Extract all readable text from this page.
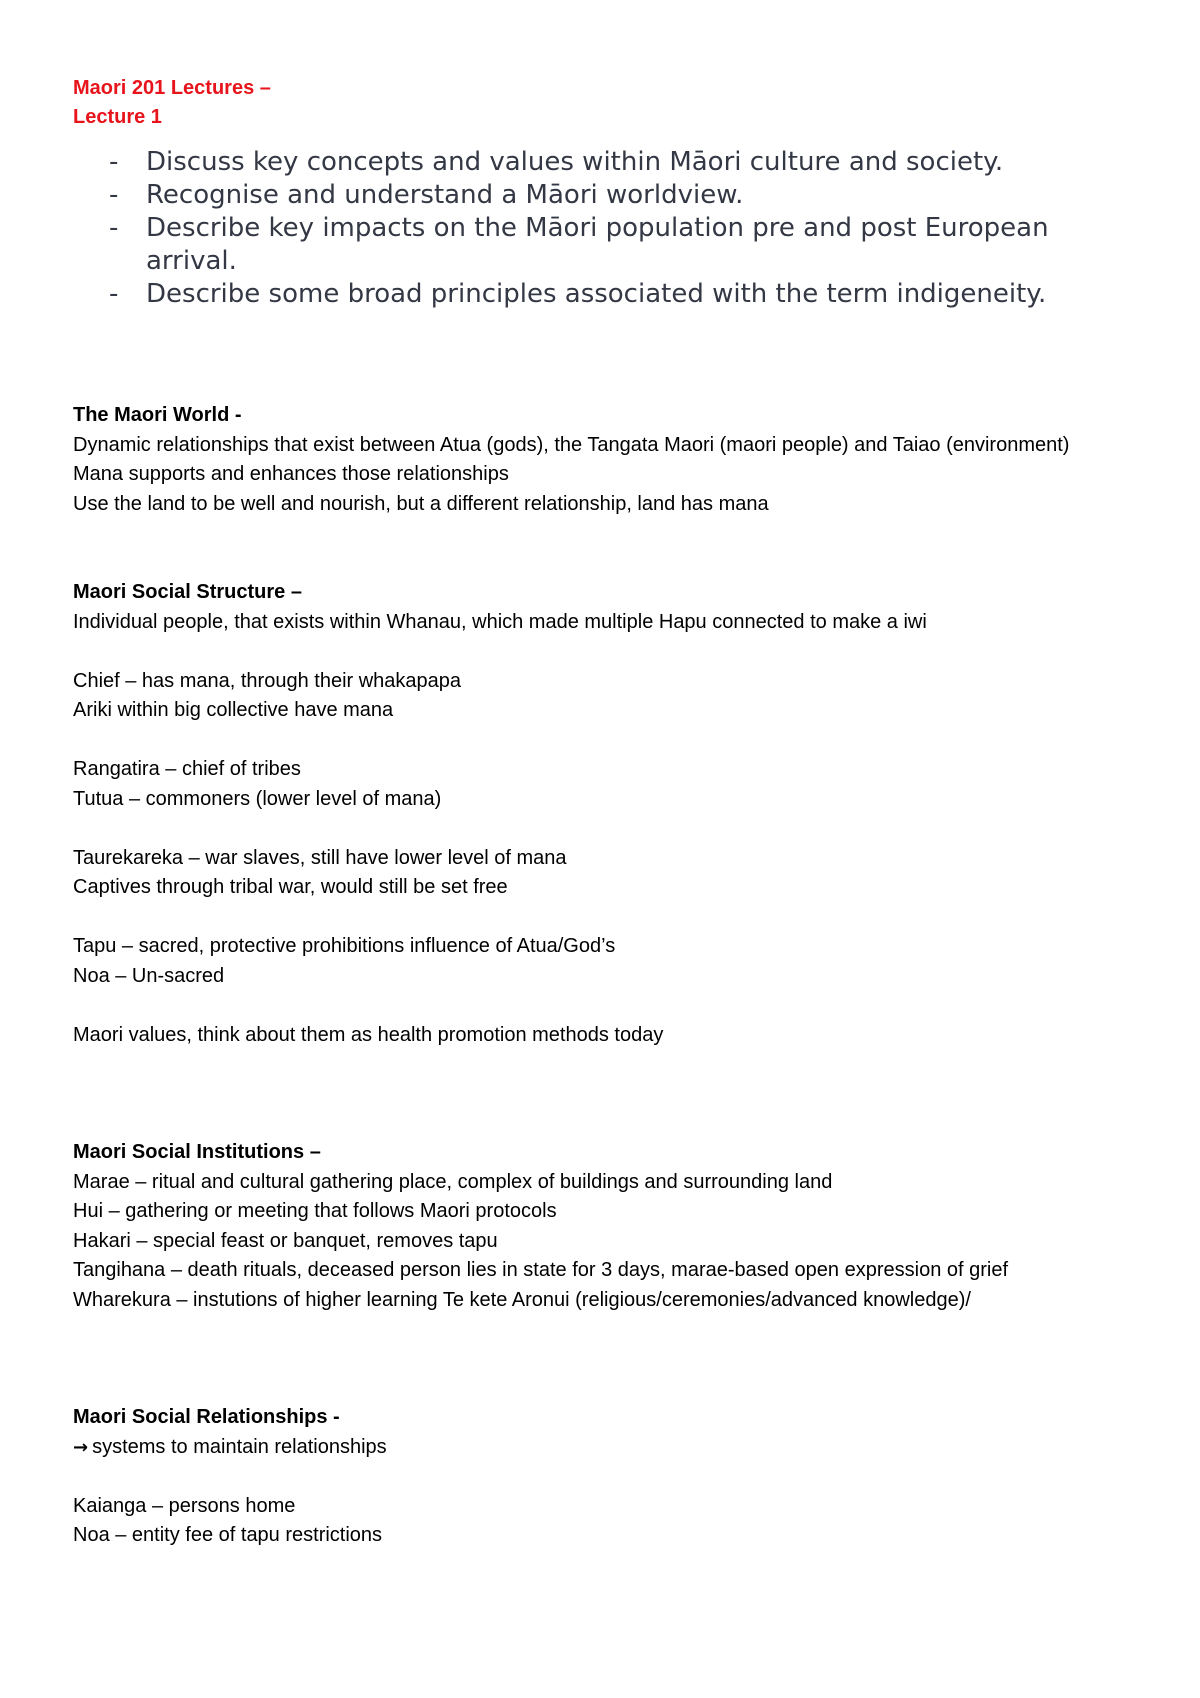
Maori 201 Lectures –

Lecture 1

- Discuss key concepts and values within Māori culture and society.
- Recognise and understand a Māori worldview.
- Describe key impacts on the Māori population pre and post European arrival.
- Describe some broad principles associated with the term indigeneity.

The Maori World -

Dynamic relationships that exist between Atua (gods), the Tangata Maori (maori people) and Taiao (environment)

Mana supports and enhances those relationships

Use the land to be well and nourish, but a different relationship, land has mana

Maori Social Structure –

Individual people, that exists within Whanau, which made multiple Hapu connected to make a iwi

Chief – has mana, through their whakapapa

Ariki within big collective have mana

Rangatira – chief of tribes

Tutua – commoners (lower level of mana)

Taurekareka – war slaves, still have lower level of mana

Captives through tribal war, would still be set free

Tapu – sacred, protective prohibitions influence of Atua/God’s

Noa – Un-sacred

Maori values, think about them as health promotion methods today

Maori Social Institutions –

Marae – ritual and cultural gathering place, complex of buildings and surrounding land

Hui – gathering or meeting that follows Maori protocols

Hakari – special feast or banquet, removes tapu

Tangihana – death rituals, deceased person lies in state for 3 days, marae-based open expression of grief

Wharekura – instutions of higher learning Te kete Aronui (religious/ceremonies/advanced knowledge)/

Maori Social Relationships -

→ systems to maintain relationships

Kaianga – persons home

Noa – entity fee of tapu restrictions
